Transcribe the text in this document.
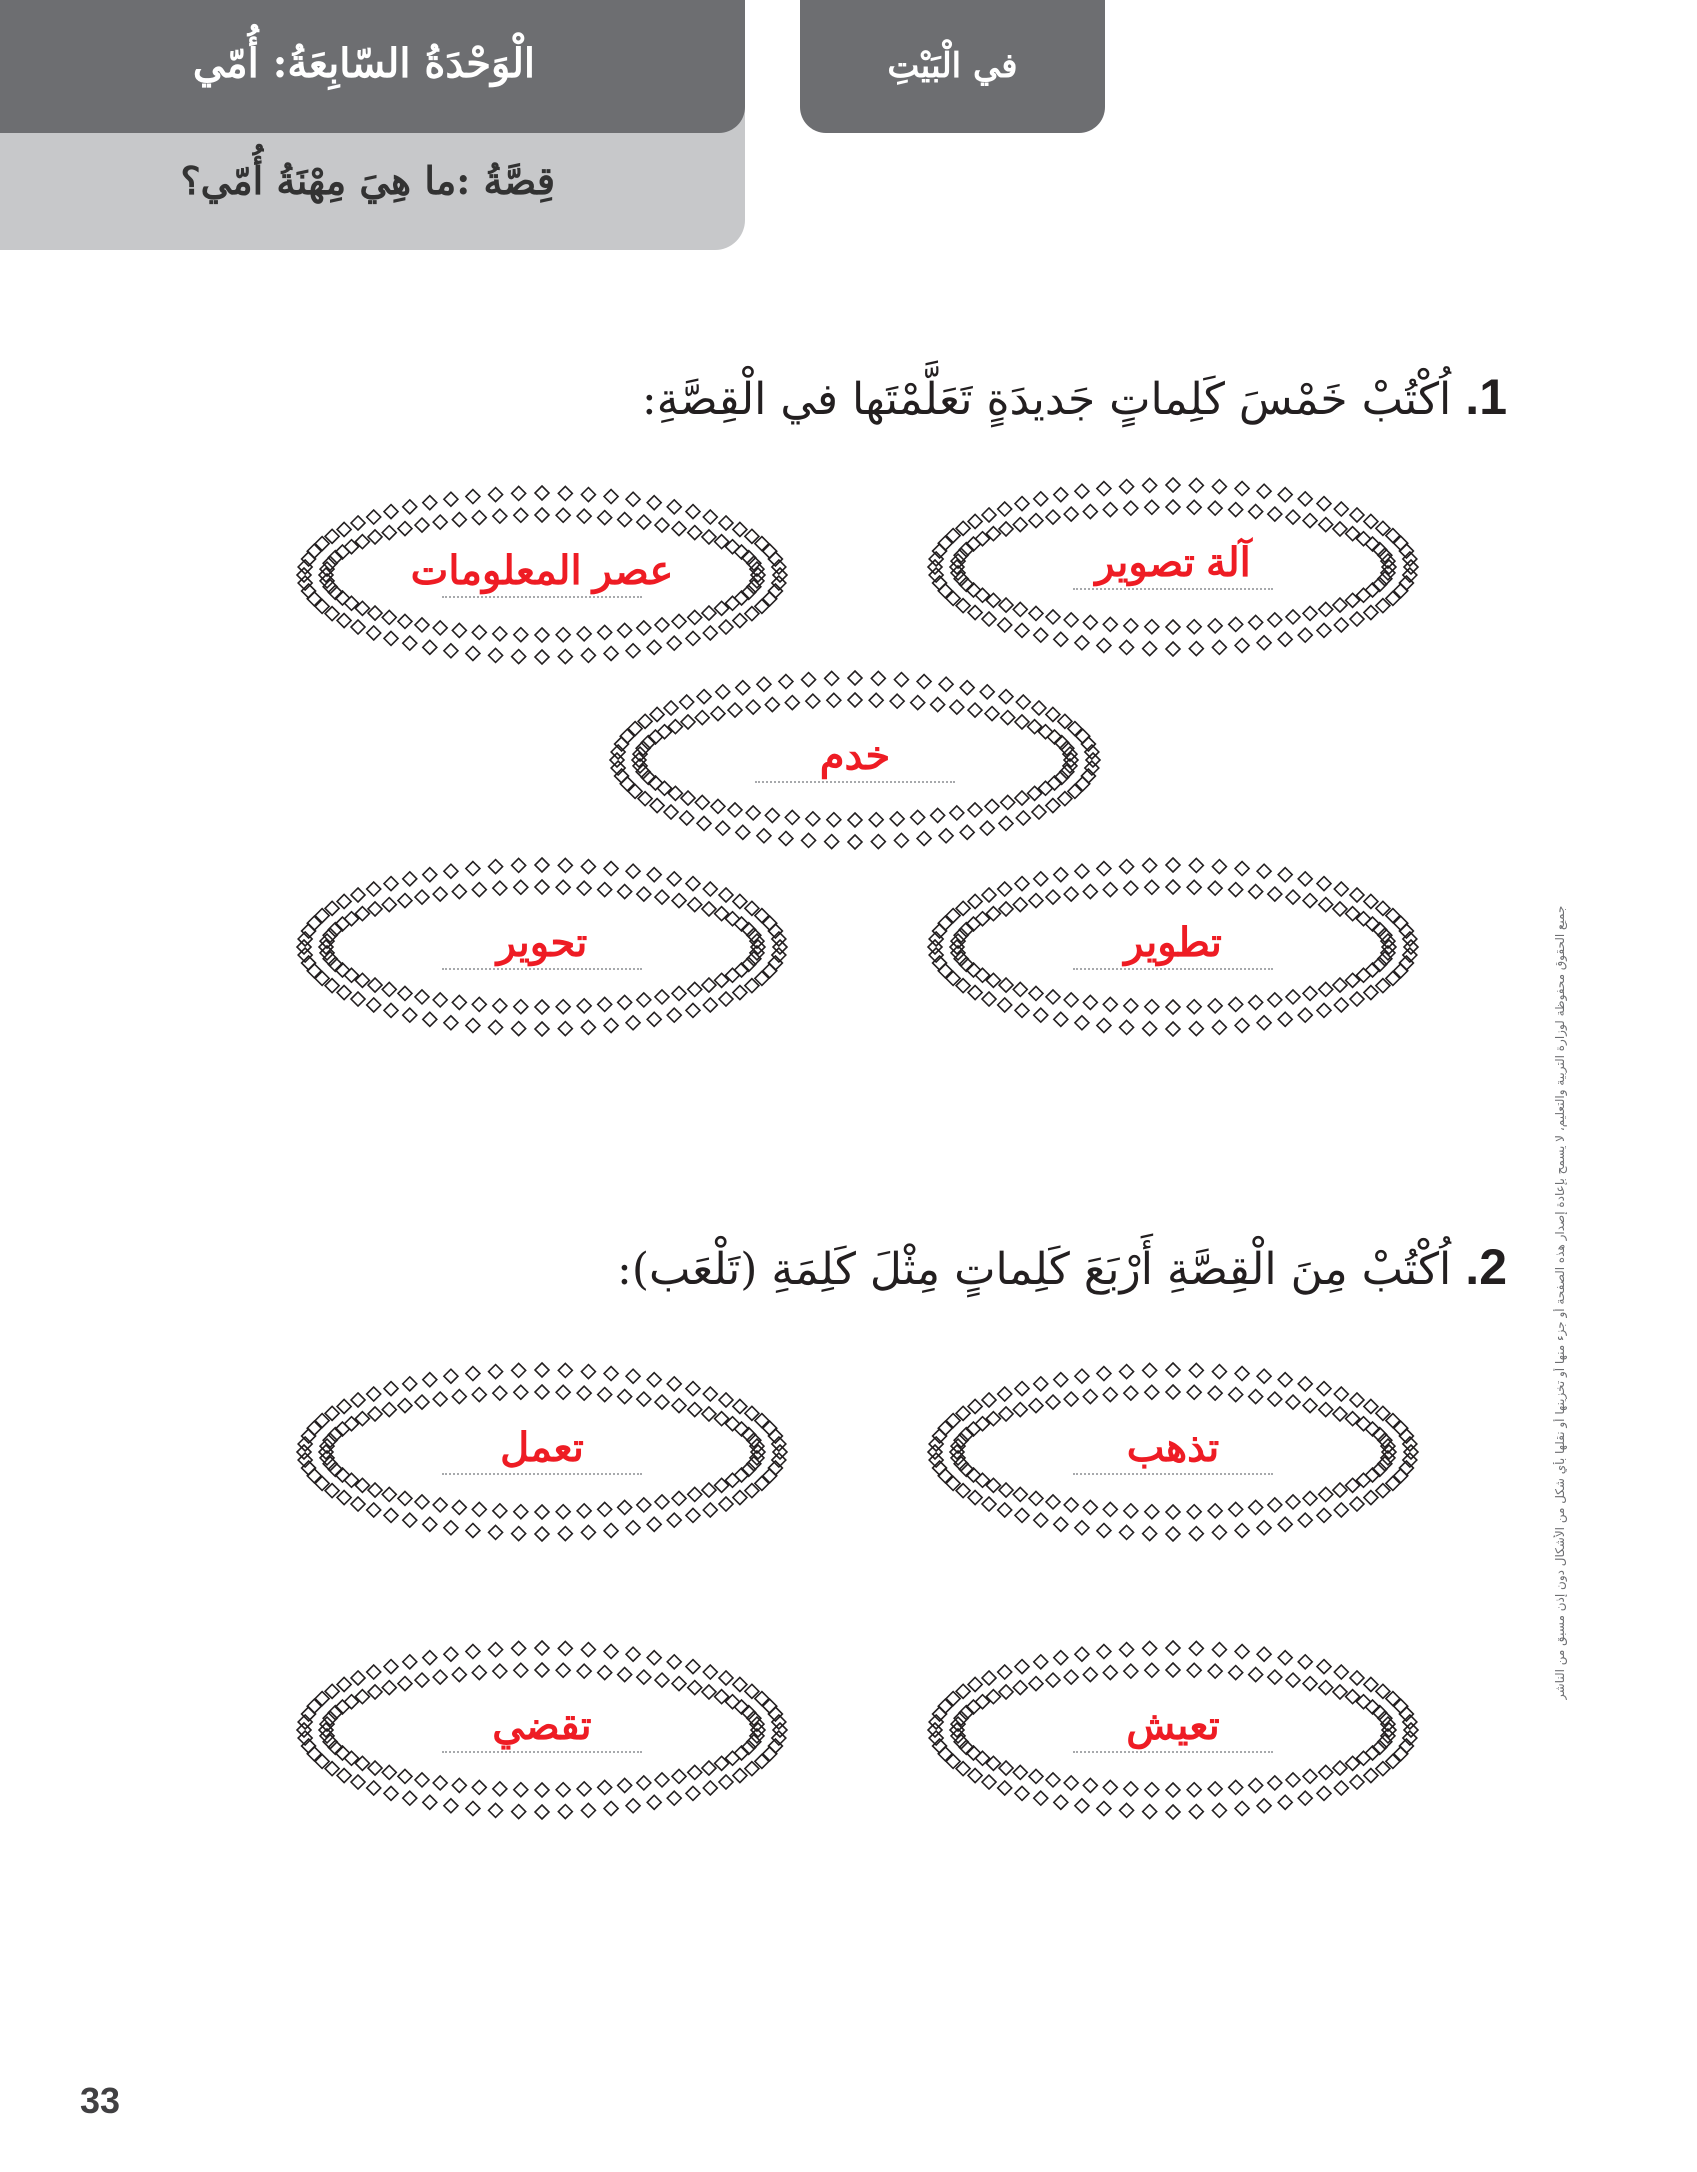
الْوَحْدَةُ السّابِعَةُ: أُمّي
قِصَّةُ :ما هِيَ مِهْنَةُ أُمّي؟
في الْبَيْتِ
1. اُكْتُبْ خَمْسَ كَلِماتٍ جَديدَةٍ تَعَلَّمْتَها في الْقِصَّةِ:
آلة تصوير
عصر المعلومات
خدم
تطوير
تحوير
2. اُكْتُبْ مِنَ الْقِصَّةِ أَرْبَعَ كَلِماتٍ مِثْلَ كَلِمَةِ (تَلْعَب):
تذهب
تعمل
تعيش
تقضي
جميع الحقوق محفوظة لوزارة التربية والتعليم، لا يسمح بإعادة إصدار هذه الصفحة أو جزء منها أو تخزينها أو نقلها بأي شكل من الأشكال دون إذن مسبق من الناشر
33
